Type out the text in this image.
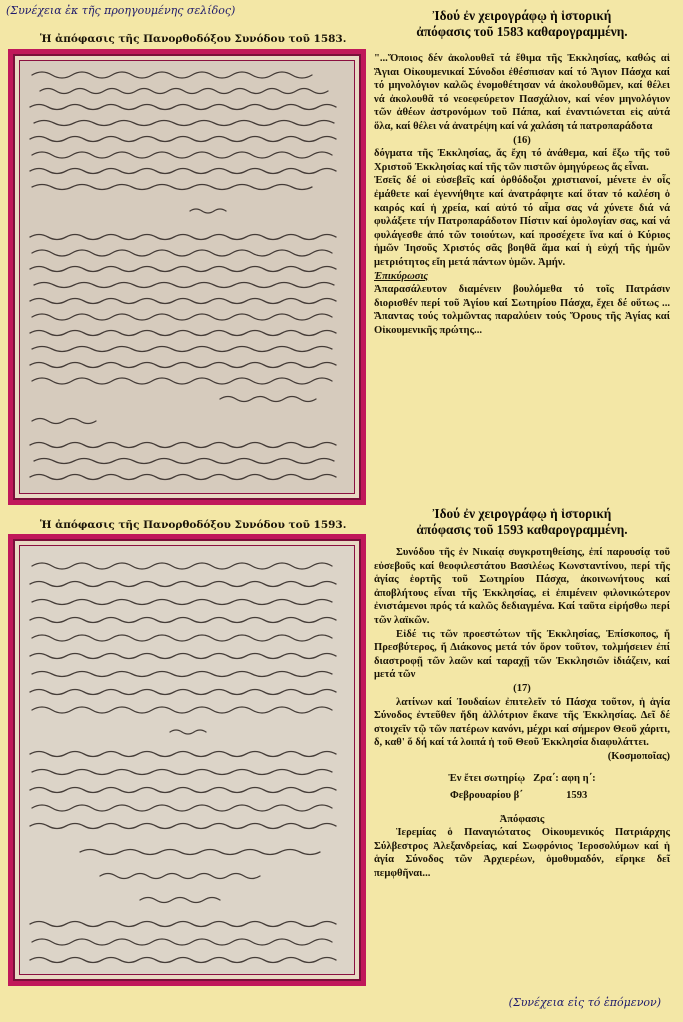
(Συνέχεια ἐκ τῆς προηγουμένης σελίδος)
Ἡ ἀπόφασις τῆς Πανορθοδόξου Συνόδου τοῦ 1583.
Ἡ ἀπόφασις τῆς Πανορθοδόξου Συνόδου τοῦ 1593.
Ἰδού ἐν χειρογράφῳ ἡ ἱστορική
ἀπόφασις τοῦ 1583 καθαρογραμμένη.

"...Ὅποιος δέν ἀκολουθεῖ τά ἔθιμα τῆς Ἐκκλησίας, καθώς αἱ Ἅγιαι Οἰκουμενικαί Σύνοδοι ἐθέσπισαν καί τό Ἅγιον Πάσχα καί τό μηνολόγιον καλῶς ἐνομοθέτησαν νά ἀκολουθῶμεν, καί θέλει νά ἀκολουθᾶ τό νεοεφεύρετον Πασχάλιον, καί νέον μηνολόγιον τῶν ἀθέων ἀστρονόμων τοῦ Πάπα, καί ἐναντιώνεται εἰς αὐτά ὅλα, καί θέλει νά ἀνατρέψη καί νά χαλάση τά πατροπαράδοτα

(16)

δόγματα τῆς Ἐκκλησίας, ἄς ἔχη τό ἀνάθεμα, καί ἔξω τῆς τοῦ Χριστοῦ Ἐκκλησίας καί τῆς τῶν πιστῶν ὁμηγύρεως ἄς εἶναι.

Ἐσεῖς δέ οἱ εὐσεβεῖς καί ὀρθόδοξοι χριστιανοί, μένετε ἐν οἷς ἐμάθετε καί ἐγεννήθητε καί ἀνατράφητε καί ὅταν τό καλέση ὁ καιρός καί ἡ χρεία, καί αὐτό τό αἷμα σας νά χύνετε διά νά φυλάξετε τήν Πατροπαράδοτον Πίστιν καί ὁμολογίαν σας, καί νά φυλάγεσθε ἀπό τῶν τοιούτων, καί προσέχετε ἵνα καί ὁ Κύριος ἡμῶν Ἰησοῦς Χριστός σᾶς βοηθᾶ ἅμα καί ἡ εὐχή τῆς ἡμῶν μετριότητος εἴη μετά πάντων ὑμῶν. Ἀμήν.

Ἐπικύρωσις

Ἀπαρασάλευτον διαμένειν βουλόμεθα τό τοῖς Πατράσιν διορισθέν περί τοῦ Ἁγίου καί Σωτηρίου Πάσχα, ἔχει δέ οὕτως ... Ἅπαντας τούς τολμῶντας παραλύειν τούς Ὅρους τῆς Ἁγίας καί Οἰκουμενικῆς πρώτης...

Ἰδού ἐν χειρογράφῳ ἡ ἱστορική
ἀπόφασις τοῦ 1593 καθαρογραμμένη.

Συνόδου τῆς ἐν Νικαίᾳ συγκροτηθείσης, ἐπί παρουσίᾳ τοῦ εὐσεβοῦς καί θεοφιλεστάτου Βασιλέως Κωνσταντίνου, περί τῆς ἁγίας ἑορτῆς τοῦ Σωτηρίου Πάσχα, ἀκοινωνήτους καί ἀποβλήτους εἶναι τῆς Ἐκκλησίας, εἰ ἐπιμένειν φιλονικώτερον ἐνιστάμενοι πρός τά καλῶς δεδιαγμένα. Καί ταῦτα εἰρήσθω περί τῶν λαϊκῶν.

Εἰδέ τις τῶν προεστώτων τῆς Ἐκκλησίας, Ἐπίσκοπος, ἤ Πρεσβύτερος, ἤ Διάκονος μετά τόν ὅρον τοῦτον, τολμήσειεν ἐπί διαστροφῇ τῶν λαῶν καί ταραχῇ τῶν Ἐκκλησιῶν ἰδιάζειν, καί μετά τῶν

(17)

λατίνων καί Ἰουδαίων ἐπιτελεῖν τό Πάσχα τοῦτον, ἡ ἁγία Σύνοδος ἐντεῦθεν ἤδη ἀλλότριον ἔκανε τῆς Ἐκκλησίας. Δεῖ δέ στοιχεῖν τῷ τῶν πατέρων κανόνι, μέχρι καί σήμερον Θεοῦ χάριτι, δ, καθ' ὅ δή καί τά λοιπά ἡ τοῦ Θεοῦ Ἐκκλησία διαφυλάττει.

(Κοσμοποῖας)

Ἐν ἔτει σωτηρίῳ   Ζρα΄: αφη η΄:

Φεβρουαρίου β΄	1593

Ἀπόφασις

Ἱερεμίας ὁ Παναγιώτατος Οἰκουμενικός Πατριάρχης Σύλβεστρος Ἀλεξανδρείας, καί Σωφρόνιος Ἱεροσολύμων καί ἡ ἁγία Σύνοδος τῶν Ἀρχιερέων, ὁμοθυμαδόν, εἴρηκε δεῖ πεμφθῆναι...

(Συνέχεια εἰς τό ἑπόμενον)
